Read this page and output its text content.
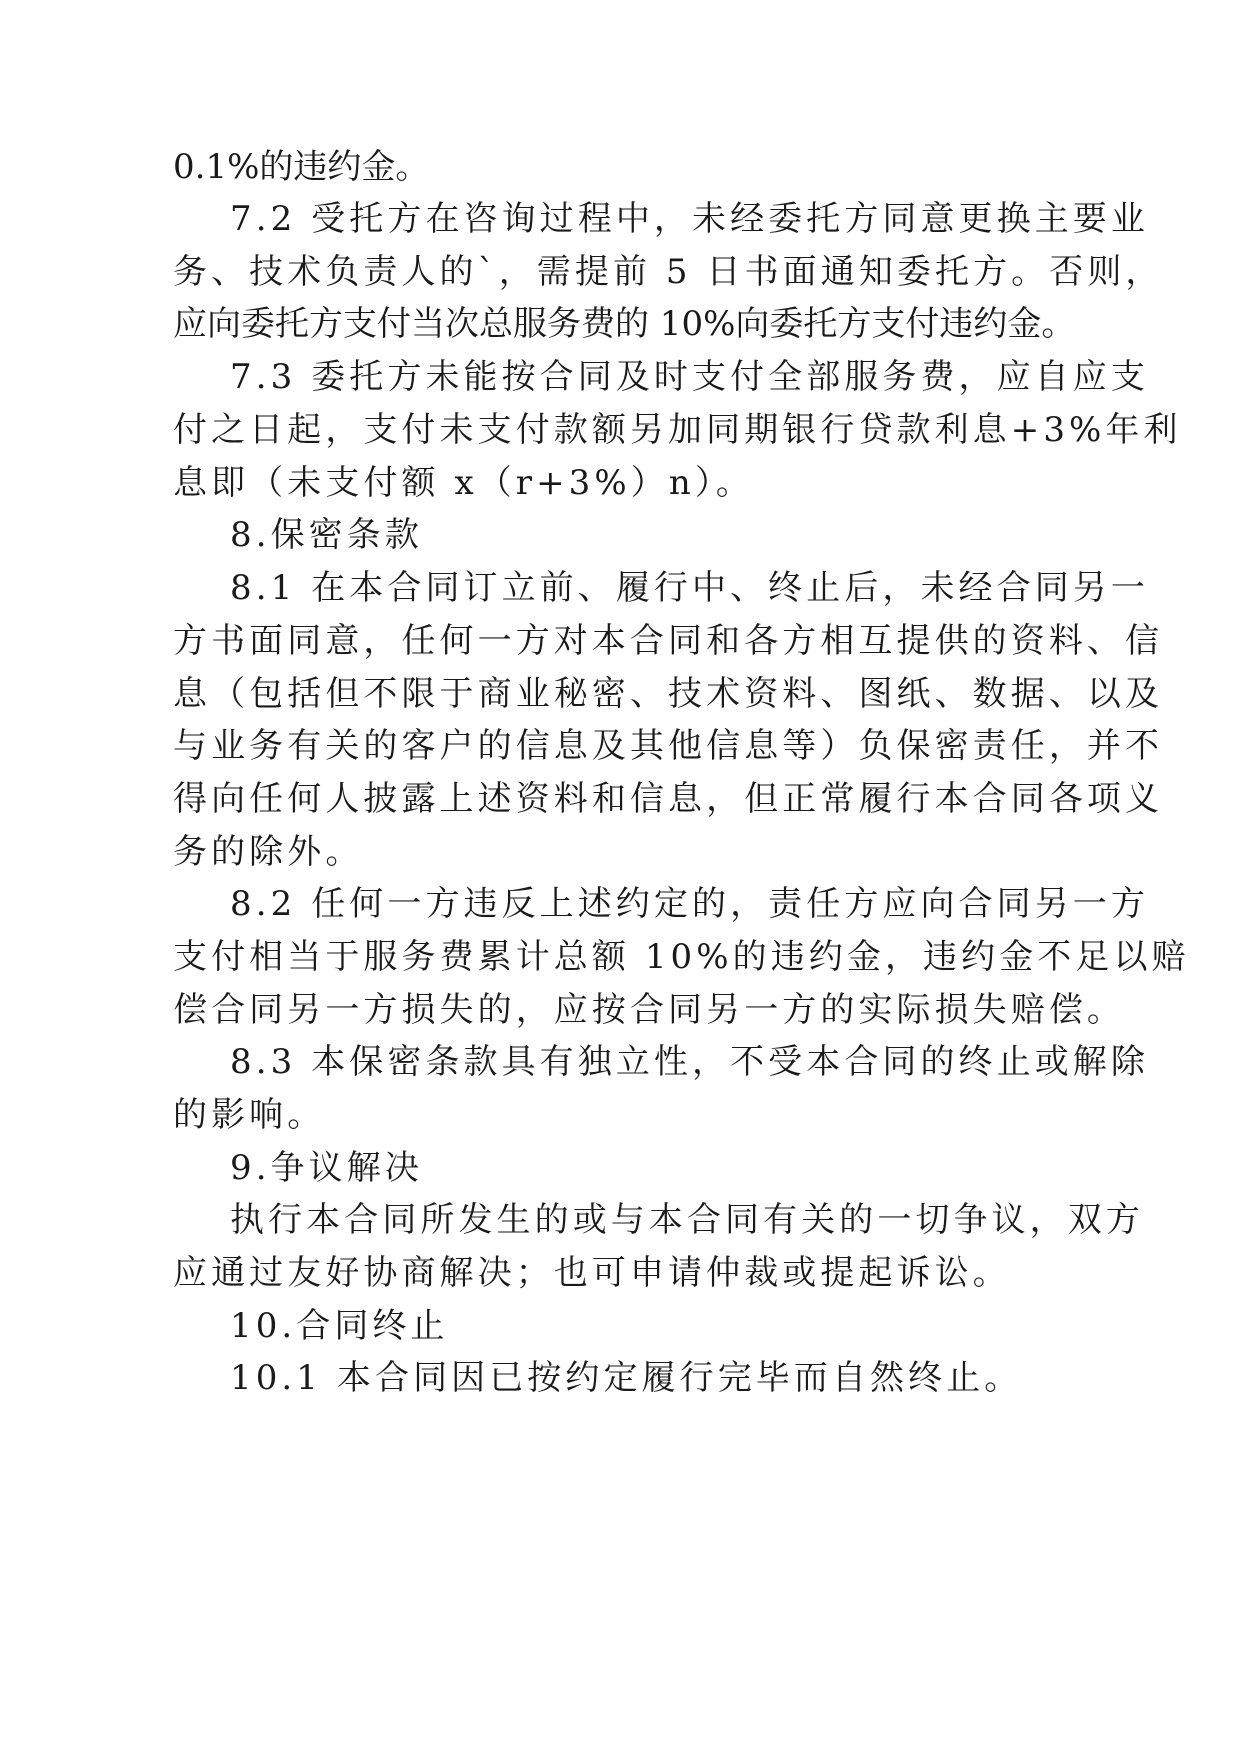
0.1%的违约金。
7.2 受托方在咨询过程中，未经委托方同意更换主要业
务、技术负责人的`，需提前 5 日书面通知委托方。否则，
应向委托方支付当次总服务费的 10%向委托方支付违约金。
7.3 委托方未能按合同及时支付全部服务费，应自应支
付之日起，支付未支付款额另加同期银行贷款利息+3%年利
息即（未支付额 x（r+3%）n）。
8.保密条款
8.1 在本合同订立前、履行中、终止后，未经合同另一
方书面同意，任何一方对本合同和各方相互提供的资料、信
息（包括但不限于商业秘密、技术资料、图纸、数据、以及
与业务有关的客户的信息及其他信息等）负保密责任，并不
得向任何人披露上述资料和信息，但正常履行本合同各项义
务的除外。
8.2 任何一方违反上述约定的，责任方应向合同另一方
支付相当于服务费累计总额 10%的违约金，违约金不足以赔
偿合同另一方损失的，应按合同另一方的实际损失赔偿。
8.3 本保密条款具有独立性，不受本合同的终止或解除
的影响。
9.争议解决
执行本合同所发生的或与本合同有关的一切争议，双方
应通过友好协商解决；也可申请仲裁或提起诉讼。
10.合同终止
10.1 本合同因已按约定履行完毕而自然终止。
